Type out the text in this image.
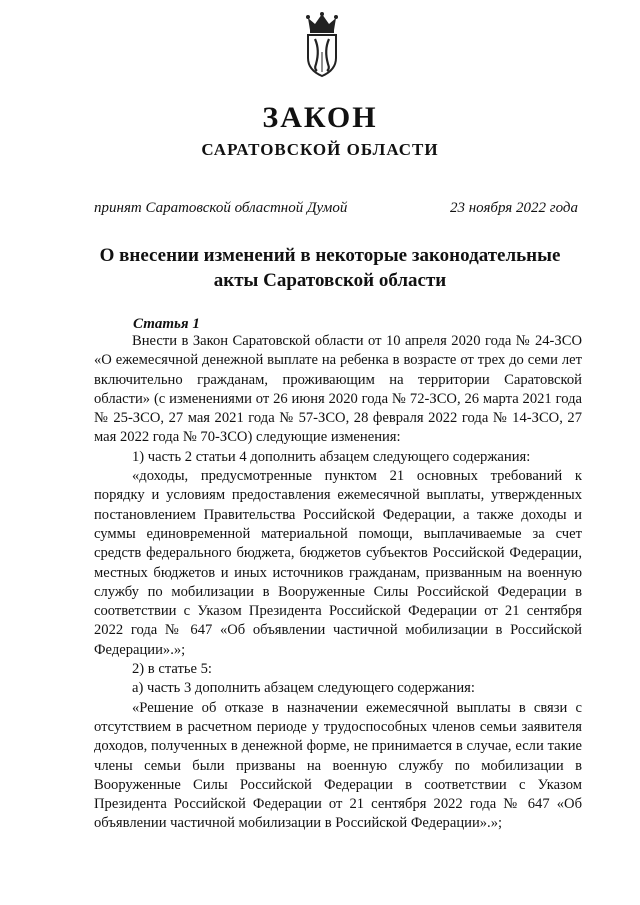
ЗАКОН
САРАТОВСКОЙ ОБЛАСТИ
принят Саратовской областной Думой	23 ноября 2022 года
О внесении изменений в некоторые законодательные
акты Саратовской области
Статья 1

Внести в Закон Саратовской области от 10 апреля 2020 года № 24-ЗСО «О ежемесячной денежной выплате на ребенка в возрасте от трех до семи лет включительно гражданам, проживающим на территории Саратовской области» (с изменениями от 26 июня 2020 года № 72-ЗСО, 26 марта 2021 года № 25-ЗСО, 27 мая 2021 года № 57-ЗСО, 28 февраля 2022 года № 14-ЗСО, 27 мая 2022 года № 70-ЗСО) следующие изменения:

1) часть 2 статьи 4 дополнить абзацем следующего содержания:

«доходы, предусмотренные пунктом 21 основных требований к порядку и условиям предоставления ежемесячной выплаты, утвержденных постановлением Правительства Российской Федерации, а также доходы и суммы единовременной материальной помощи, выплачиваемые за счет средств федерального бюджета, бюджетов субъектов Российской Федерации, местных бюджетов и иных источников гражданам, призванным на военную службу по мобилизации в Вооруженные Силы Российской Федерации в соответствии с Указом Президента Российской Федерации от 21 сентября 2022 года № 647 «Об объявлении частичной мобилизации в Российской Федерации».»;

2) в статье 5:

а) часть 3 дополнить абзацем следующего содержания:

«Решение об отказе в назначении ежемесячной выплаты в связи с отсутствием в расчетном периоде у трудоспособных членов семьи заявителя доходов, полученных в денежной форме, не принимается в случае, если такие члены семьи были призваны на военную службу по мобилизации в Вооруженные Силы Российской Федерации в соответствии с Указом Президента Российской Федерации от 21 сентября 2022 года № 647 «Об объявлении частичной мобилизации в Российской Федерации».»;
